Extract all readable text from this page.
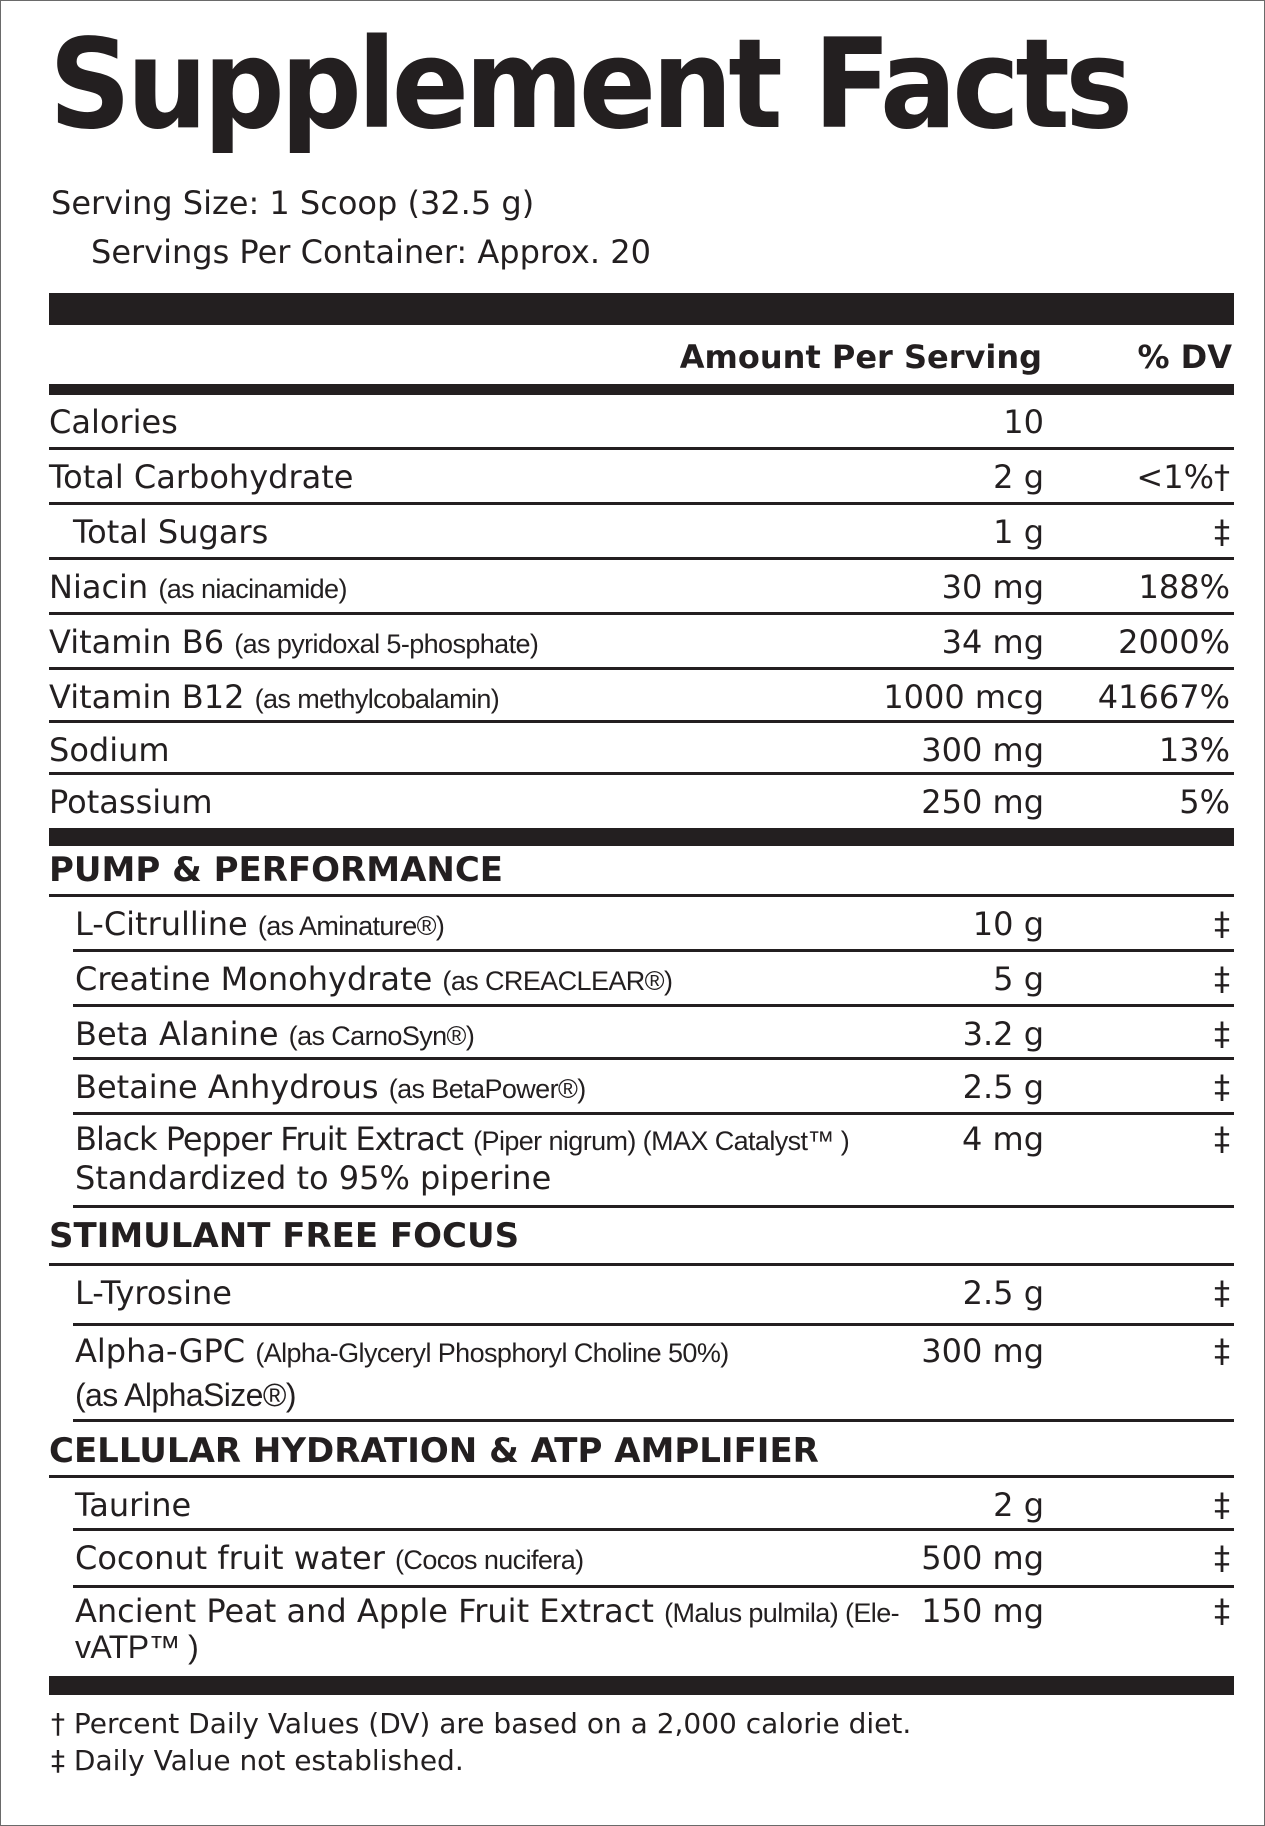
Supplement Facts
Serving Size: 1 Scoop (32.5 g)
Servings Per Container: Approx. 20
Amount Per Serving	% DV
Calories	10
Total Carbohydrate	2 g	<1%†
Total Sugars	1 g	‡
Niacin (as niacinamide)	30 mg	188%
Vitamin B6 (as pyridoxal 5-phosphate)	34 mg 2000%
Vitamin B12 (as methylcobalamin)	1000 mcg 41667%
Sodium	300 mg	13%
Potassium	250 mg	5%
PUMP & PERFORMANCE
L-Citrulline (as Aminature®)	10 g	‡
Creatine Monohydrate (as CREACLEAR®)	5 g	‡
Beta Alanine (as CarnoSyn®)	3.2 g	‡
Betaine Anhydrous (as BetaPower®)	2.5 g	‡
Black Pepper Fruit Extract (Piper nigrum) (MAX Catalyst™ )
Standardized to 95% piperine
4 mg	‡
STIMULANT FREE FOCUS
L-Tyrosine	2.5 g	‡
Alpha-GPC (Alpha-Glyceryl Phosphoryl Choline 50%)
(as AlphaSize®)
300 mg	‡
CELLULAR HYDRATION & ATP AMPLIFIER
Taurine	2 g	‡
Coconut fruit water (Cocos nucifera)	500 mg	‡
Ancient Peat and Apple Fruit Extract (Malus pulmila) (Ele-
vATP™ )
150 mg	‡
† Percent Daily Values (DV) are based on a 2,000 calorie diet.
‡ Daily Value not established.
